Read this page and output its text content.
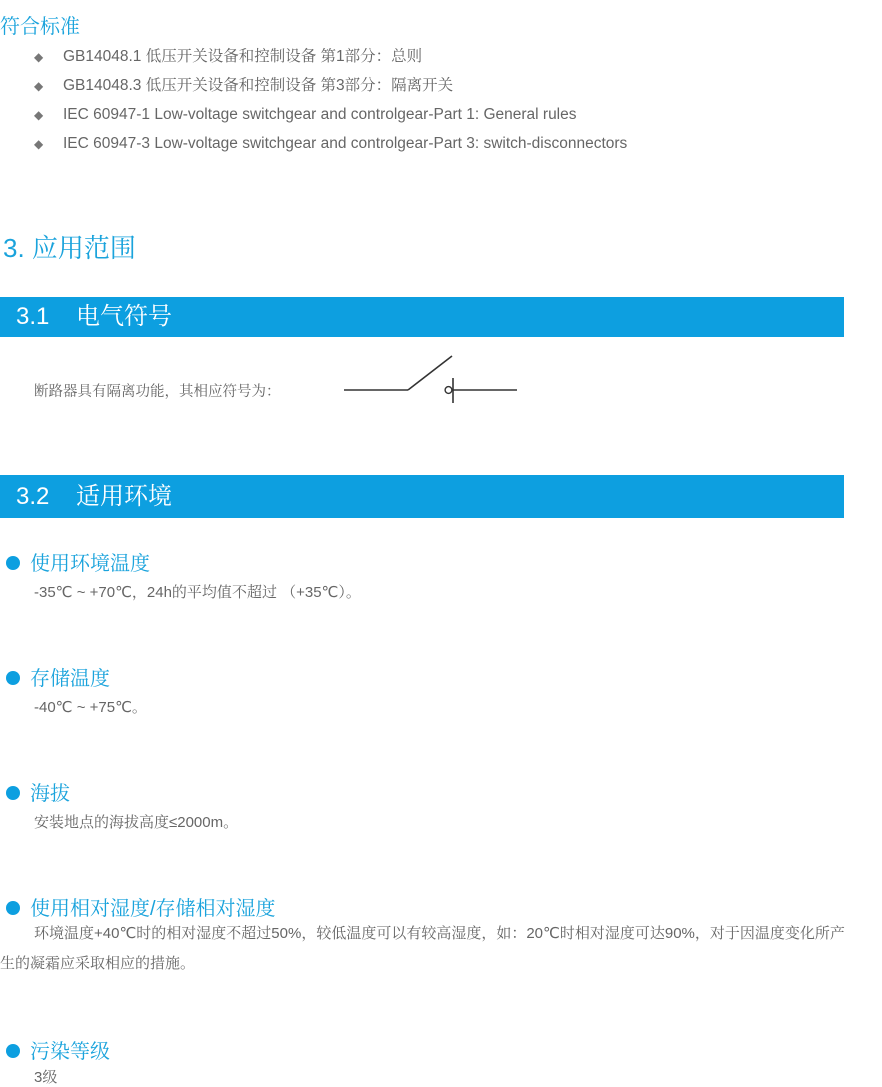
符合标准
◆ GB14048.1 低压开关设备和控制设备 第1部分：总则
◆ GB14048.3 低压开关设备和控制设备 第3部分：隔离开关
◆ IEC 60947-1 Low-voltage switchgear and controlgear-Part 1: General rules
◆ IEC 60947-3 Low-voltage switchgear and controlgear-Part 3: switch-disconnectors
3. 应用范围
3.1 电气符号
断路器具有隔离功能，其相应符号为：
3.2 适用环境
使用环境温度
-35℃ ~ +70℃，24h的平均值不超过 （+35℃）。
存储温度
-40℃ ~ +75℃。
海拔
安装地点的海拔高度≤2000m。
使用相对湿度/存储相对湿度
环境温度+40℃时的相对湿度不超过50%，较低温度可以有较高湿度，如：20℃时相对湿度可达90%，对于因温度变化所产生的凝霜应采取相应的措施。
污染等级
3级
